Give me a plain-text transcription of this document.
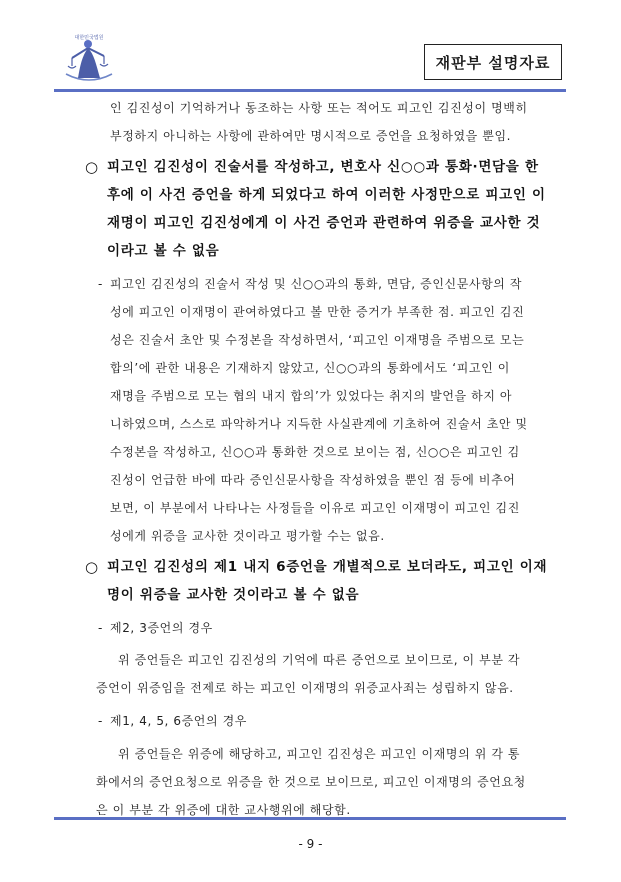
대한민국법원
재판부 설명자료
인 김진성이 기억하거나 동조하는 사항 또는 적어도 피고인 김진성이 명백히
부정하지 아니하는 사항에 관하여만 명시적으로 증언을 요청하였을 뿐임.
○ 피고인 김진성이 진술서를 작성하고, 변호사 신○○과 통화·면담을 한
후에 이 사건 증언을 하게 되었다고 하여 이러한 사정만으로 피고인 이
재명이 피고인 김진성에게 이 사건 증언과 관련하여 위증을 교사한 것
이라고 볼 수 없음
- 피고인 김진성의 진술서 작성 및 신○○과의 통화, 면담, 증인신문사항의 작
성에 피고인 이재명이 관여하였다고 볼 만한 증거가 부족한 점. 피고인 김진
성은 진술서 초안 및 수정본을 작성하면서, ‘피고인 이재명을 주범으로 모는
합의’에 관한 내용은 기재하지 않았고, 신○○과의 통화에서도 ‘피고인 이
재명을 주범으로 모는 협의 내지 합의’가 있었다는 취지의 발언을 하지 아
니하였으며, 스스로 파악하거나 지득한 사실관계에 기초하여 진술서 초안 및
수정본을 작성하고, 신○○과 통화한 것으로 보이는 점, 신○○은 피고인 김
진성이 언급한 바에 따라 증인신문사항을 작성하였을 뿐인 점 등에 비추어
보면, 이 부분에서 나타나는 사정들을 이유로 피고인 이재명이 피고인 김진
성에게 위증을 교사한 것이라고 평가할 수는 없음.
○ 피고인 김진성의 제1 내지 6증언을 개별적으로 보더라도, 피고인 이재
명이 위증을 교사한 것이라고 볼 수 없음
- 제2, 3증언의 경우
위 증언들은 피고인 김진성의 기억에 따른 증언으로 보이므로, 이 부분 각
증언이 위증임을 전제로 하는 피고인 이재명의 위증교사죄는 성립하지 않음.
- 제1, 4, 5, 6증언의 경우
위 증언들은 위증에 해당하고, 피고인 김진성은 피고인 이재명의 위 각 통
화에서의 증언요청으로 위증을 한 것으로 보이므로, 피고인 이재명의 증언요청
은 이 부분 각 위증에 대한 교사행위에 해당함.
- 9 -
